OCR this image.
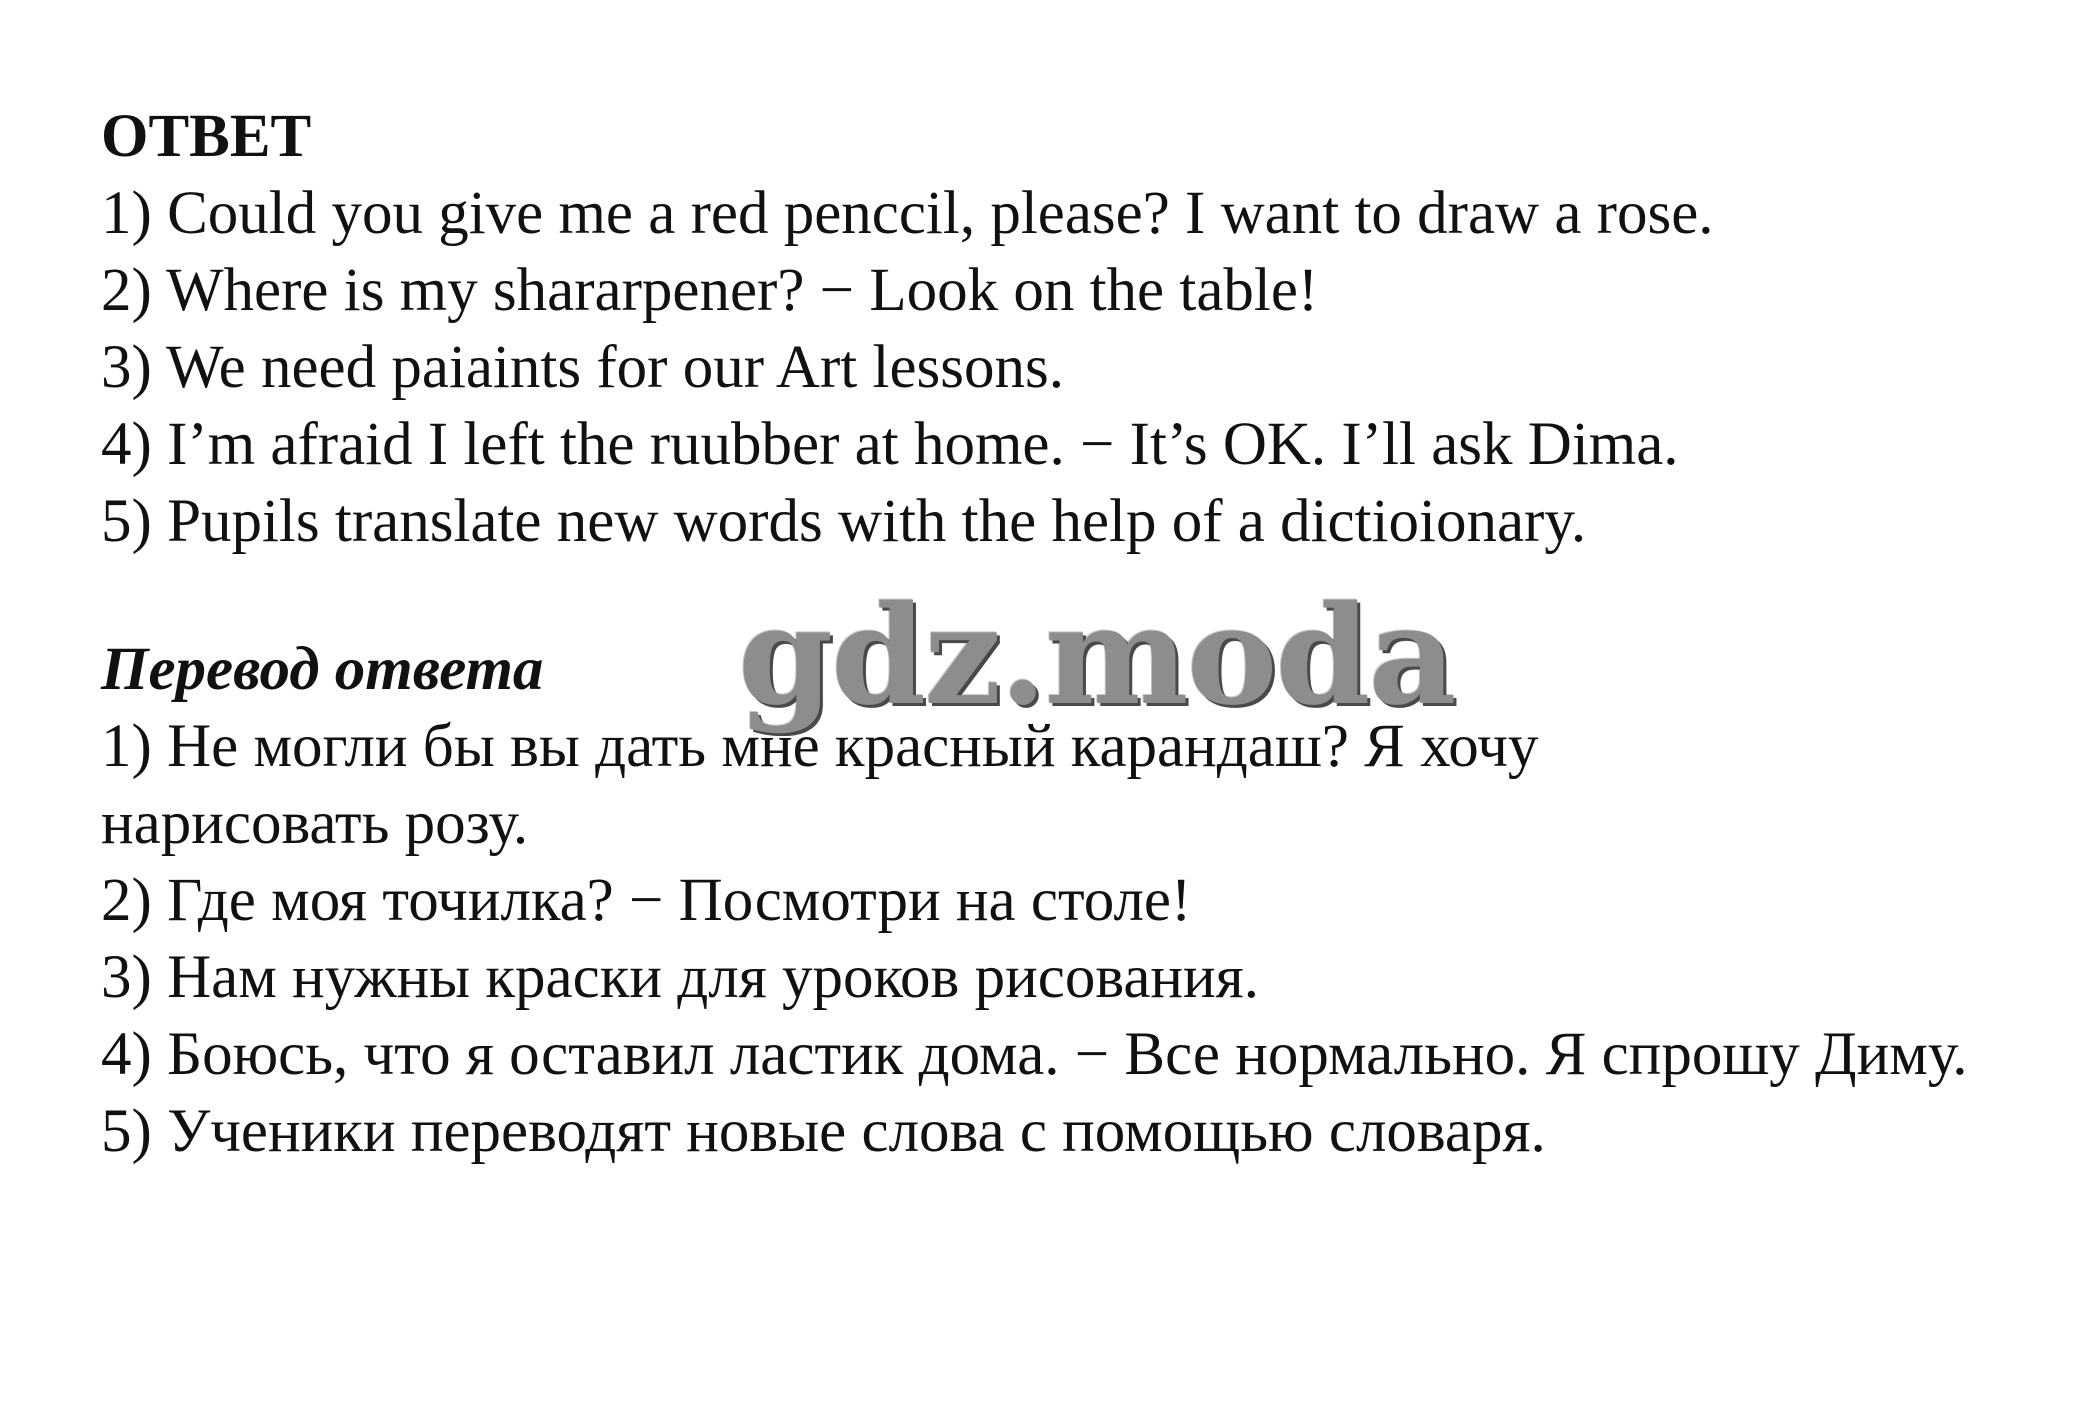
ОТВЕТ
1) Could you give me a red penccil, please? I want to draw a rose.
2) Where is my shararpener? − Look on the table!
3) We need paiaints for our Art lessons.
4) I’m afraid I left the ruubber at home. − It’s OK. I’ll ask Dima.
5) Pupils translate new words with the help of a dictioionary.
Перевод ответа
1) Не могли бы вы дать мне красный карандаш? Я хочу нарисовать розу.
2) Где моя точилка? − Посмотри на столе!
3) Нам нужны краски для уроков рисования.
4) Боюсь, что я оставил ластик дома. − Все нормально. Я спрошу Диму.
5) Ученики переводят новые слова с помощью словаря.
gdz.moda
